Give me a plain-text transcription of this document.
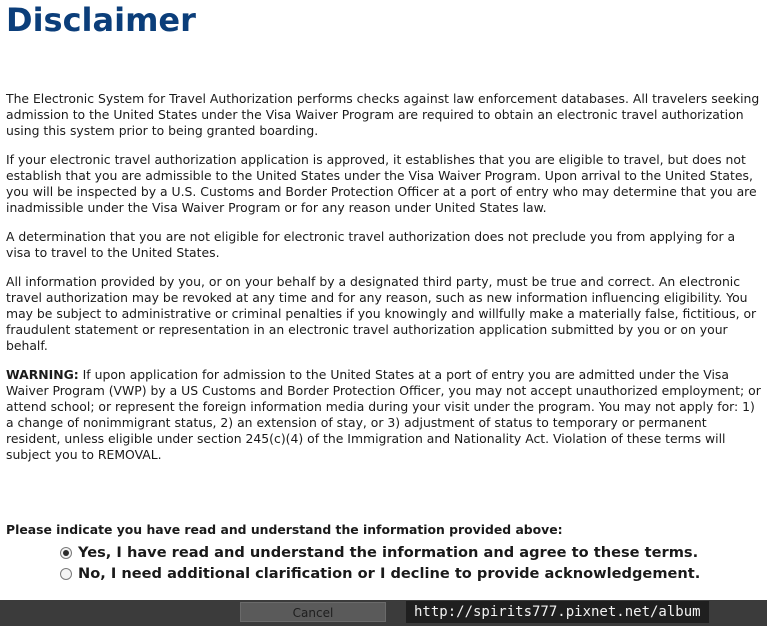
Disclaimer

The Electronic System for Travel Authorization performs checks against law enforcement databases. All travelers seeking admission to the United States under the Visa Waiver Program are required to obtain an electronic travel authorization using this system prior to being granted boarding.

If your electronic travel authorization application is approved, it establishes that you are eligible to travel, but does not establish that you are admissible to the United States under the Visa Waiver Program. Upon arrival to the United States, you will be inspected by a U.S. Customs and Border Protection Officer at a port of entry who may determine that you are inadmissible under the Visa Waiver Program or for any reason under United States law.

A determination that you are not eligible for electronic travel authorization does not preclude you from applying for a visa to travel to the United States.

All information provided by you, or on your behalf by a designated third party, must be true and correct. An electronic travel authorization may be revoked at any time and for any reason, such as new information influencing eligibility. You may be subject to administrative or criminal penalties if you knowingly and willfully make a materially false, fictitious, or fraudulent statement or representation in an electronic travel authorization application submitted by you or on your behalf.

WARNING: If upon application for admission to the United States at a port of entry you are admitted under the Visa Waiver Program (VWP) by a US Customs and Border Protection Officer, you may not accept unauthorized employment; or attend school; or represent the foreign information media during your visit under the program. You may not apply for: 1) a change of nonimmigrant status, 2) an extension of stay, or 3) adjustment of status to temporary or permanent resident, unless eligible under section 245(c)(4) of the Immigration and Nationality Act. Violation of these terms will subject you to REMOVAL.

Please indicate you have read and understand the information provided above:
Yes, I have read and understand the information and agree to these terms.
No, I need additional clarification or I decline to provide acknowledgement.
Cancel	http://spirits777.pixnet.net/album
